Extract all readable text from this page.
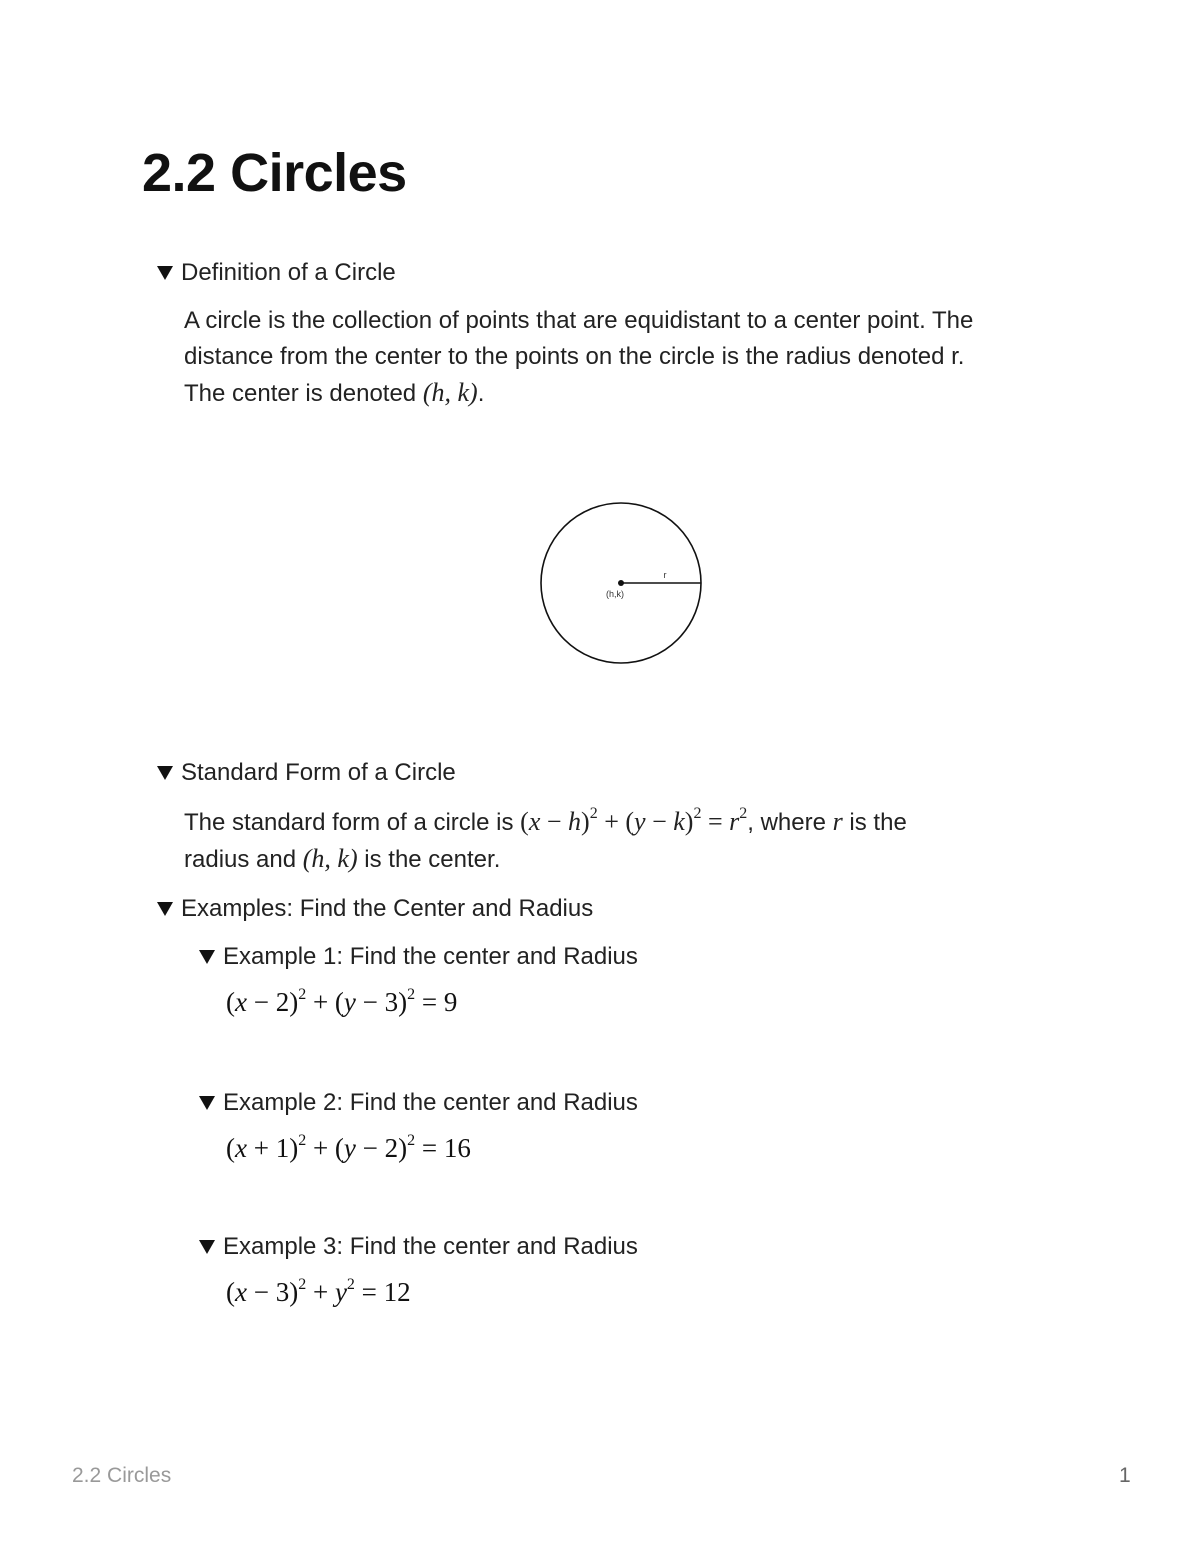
2.2 Circles
Definition of a Circle

A circle is the collection of points that are equidistant to a center point. The

distance from the center to the points on the circle is the radius denoted r.

The center is denoted (h, k).

(h,k)
r
Standard Form of a Circle

The standard form of a circle is $(x - h)^2 + (y - k)^2 = r^2$, where r is the

radius and (h, k) is the center.

Examples: Find the Center and Radius
Example 1: Find the center and Radius
$(x - 2)^2 + (y - 3)^2 = 9$
Example 2: Find the center and Radius
$(x + 1)^2 + (y - 2)^2 = 16$
Example 3: Find the center and Radius
$(x - 3)^2 + y^2 = 12$
2.2 Circles	1
